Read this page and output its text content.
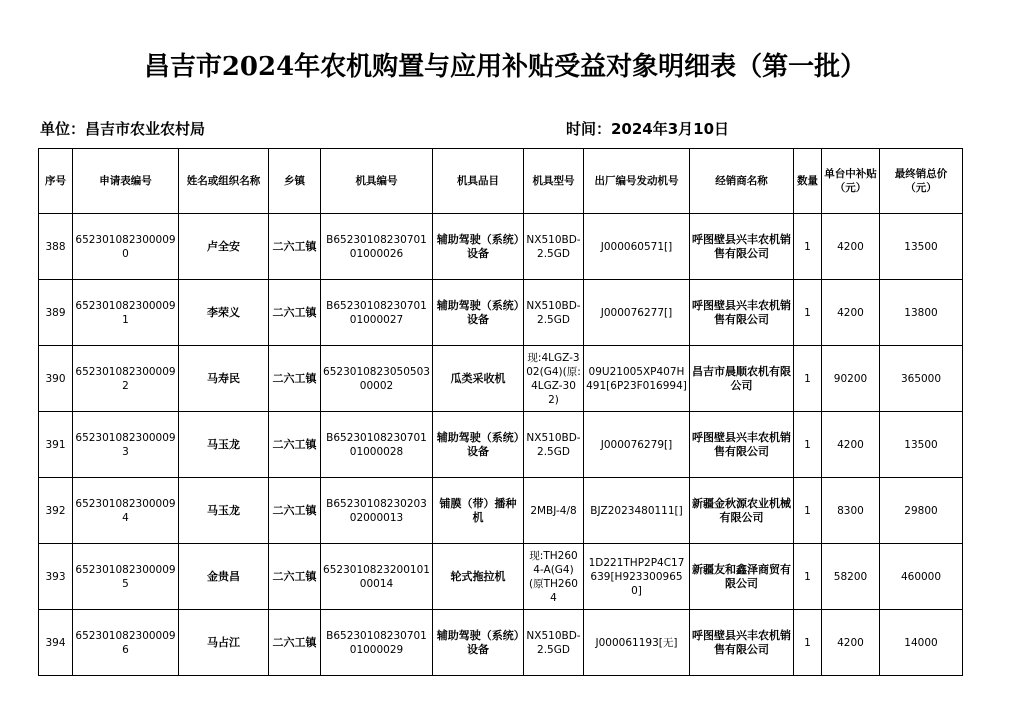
昌吉市2024年农机购置与应用补贴受益对象明细表（第一批）
单位：昌吉市农业农村局	时间：2024年3月10日
序号	申请表编号	姓名或组织名称	乡镇	机具编号	机具品目	机具型号	出厂编号发动机号	经销商名称	数量	单台中补贴（元）	最终销总价（元）

388	6523010823000090	卢全安	二六工镇	B6523010823070101000026	辅助驾驶（系统）设备	NX510BD-2.5GD	J000060571[]	呼图壁县兴丰农机销售有限公司	1	4200	13500

389	6523010823000091	李荣义	二六工镇	B6523010823070101000027	辅助驾驶（系统）设备	NX510BD-2.5GD	J000076277[]	呼图壁县兴丰农机销售有限公司	1	4200	13800

390	6523010823000092	马寿民	二六工镇	652301082305050300002	瓜类采收机	现:4LGZ-302(G4)(原:4LGZ-302)	09U21005XP407H491[6P23F016994]	昌吉市晨顺农机有限公司	1	90200	365000

391	6523010823000093	马玉龙	二六工镇	B6523010823070101000028	辅助驾驶（系统）设备	NX510BD-2.5GD	J000076279[]	呼图壁县兴丰农机销售有限公司	1	4200	13500

392	6523010823000094	马玉龙	二六工镇	B6523010823020302000013	铺膜（带）播种机	2MBJ-4/8	BJZ2023480111[]	新疆金秋源农业机械有限公司	1	8300	29800

393	6523010823000095	金贵昌	二六工镇	652301082320010100014	轮式拖拉机	现:TH2604-A(G4)(原TH2604	1D221THP2P4C17639[H9233009650]	新疆友和鑫泽商贸有限公司	1	58200	460000

394	6523010823000096	马占江	二六工镇	B6523010823070101000029	辅助驾驶（系统）设备	NX510BD-2.5GD	J000061193[无]	呼图壁县兴丰农机销售有限公司	1	4200	14000
